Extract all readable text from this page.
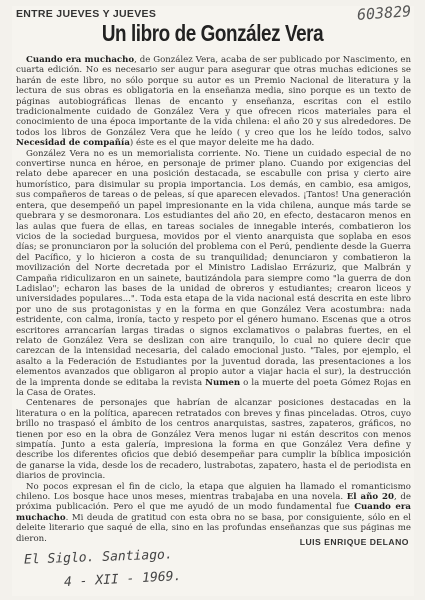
ENTRE JUEVES Y JUEVES	603829
Un libro de González Vera

Cuando era muchacho, de González Vera, acaba de ser publicado por Nascimento, en cuarta edición. No es necesario ser augur para asegurar que otras muchas ediciones se harán de este libro, no sólo porque su autor es un Premio Nacional de literatura y la lectura de sus obras es obligatoria en la enseñanza media, sino porque es un texto de páginas autobiográficas llenas de encanto y enseñanza, escritas con el estilo tradicionalmente cuidado de González Vera y que ofrecen ricos materiales para el conocimiento de una época importante de la vida chilena: el año 20 y sus alrededores. De todos los libros de González Vera que he leído ( y creo que los he leído todos, salvo Necesidad de compañía) éste es el que mayor deleite me ha dado.

González Vera no es un memorialista corriente. No. Tiene un cuidado especial de no convertirse nunca en héroe, en personaje de primer plano. Cuando por exigencias del relato debe aparecer en una posición destacada, se escabulle con prisa y cierto aire humorístico, para disimular su propia importancia. Los demás, en cambio, esa amigos, sus compañeros de tareas o de peleas, sí que aparecen elevados. ¡Tantos! Una generación entera, que desempeñó un papel impresionante en la vida chilena, aunque más tarde se quebrara y se desmoronara. Los estudiantes del año 20, en efecto, destacaron menos en las aulas que fuera de ellas, en tareas sociales de innegable interés, combatieron los vicios de la sociedad burguesa, movidos por el viento anarquista que soplaba en esos días; se pronunciaron por la solución del problema con el Perú, pendiente desde la Guerra del Pacífico, y lo hicieron a costa de su tranquilidad; denunciaron y combatieron la movilización del Norte decretada por el Ministro Ladislao Errázuriz, que Malbrán y Campaña ridiculizaron en un sainete, bautizándola para siempre como "la guerra de don Ladislao"; echaron las bases de la unidad de obreros y estudiantes; crearon liceos y universidades populares...". Toda esta etapa de la vida nacional está descrita en este libro por uno de sus protagonistas y en la forma en que González Vera acostumbra: nada estridente, con calma, ironía, tacto y respeto por el género humano. Escenas que a otros escritores arrancarían largas tiradas o signos exclamativos o palabras fuertes, en el relato de González Vera se deslizan con aire tranquilo, lo cual no quiere decir que carezcan de la intensidad necesaria, del calado emocional justo. "Tales, por ejemplo, el asalto a la Federación de Estudiantes por la juventud dorada, las presentaciones a los elementos avanzados que obligaron al propio autor a viajar hacia el sur), la destrucción de la imprenta donde se editaba la revista Numen o la muerte del poeta Gómez Rojas en la Casa de Orates.

Centenares de personajes que habrían de alcanzar posiciones destacadas en la literatura o en la política, aparecen retratados con breves y finas pinceladas. Otros, cuyo brillo no traspasó el ámbito de los centros anarquistas, sastres, zapateros, gráficos, no tienen por eso en la obra de González Vera menos lugar ni están descritos con menos simpatía. Junto a esta galería, impresiona la forma en que González Vera define y describe los diferentes oficios que debió desempeñar para cumplir la bíblica imposición de ganarse la vida, desde los de recadero, lustrabotas, zapatero, hasta el de periodista en diarios de provincia.

No pocos expresan el fin de ciclo, la etapa que alguien ha llamado el romanticismo chileno. Los bosque hace unos meses, mientras trabajaba en una novela. El año 20, de próxima publicación. Pero el que me ayudó de un modo fundamental fue Cuando era muchacho. Mi deuda de gratitud con esta obra no se basa, por consiguiente, sólo en el deleite literario que saqué de ella, sino en las profundas enseñanzas que sus páginas me dieron.	LUIS ENRIQUE DELANO
El Siglo. Santiago.
4 - XII - 1969.
